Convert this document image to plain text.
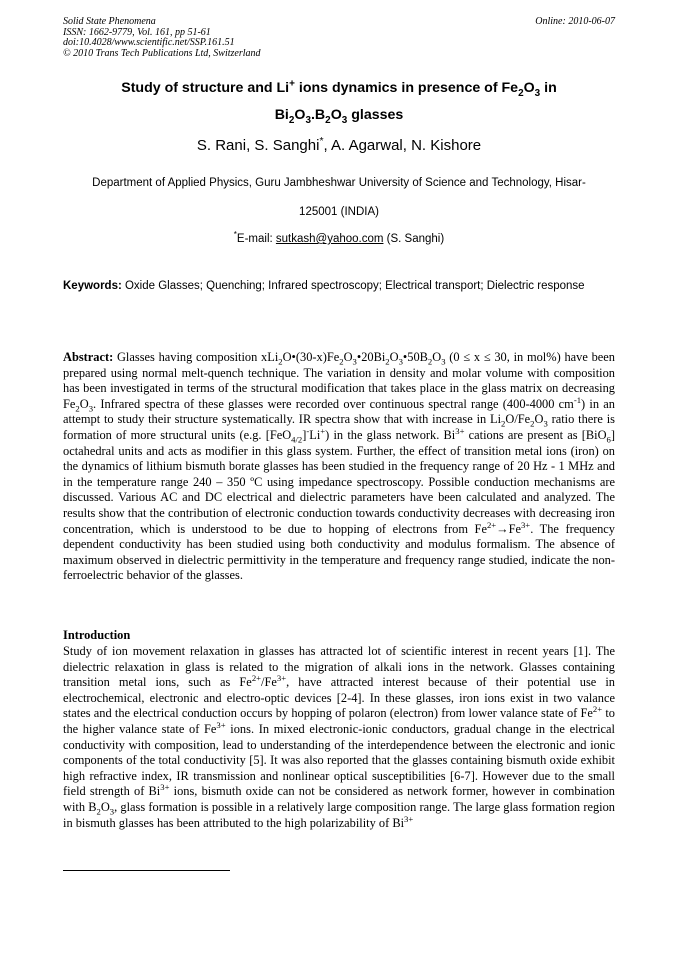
Solid State Phenomena
ISSN: 1662-9779, Vol. 161, pp 51-61
doi:10.4028/www.scientific.net/SSP.161.51
© 2010 Trans Tech Publications Ltd, Switzerland
Online: 2010-06-07
Study of structure and Li+ ions dynamics in presence of $Fe_2O_3$ in
$Bi_2O_3.B_2O_3$ glasses
S. Rani, S. Sanghi*, A. Agarwal, N. Kishore
Department of Applied Physics, Guru Jambheshwar University of Science and Technology, Hisar-
125001 (INDIA)
*E-mail: sutkash@yahoo.com (S. Sanghi)
Keywords: Oxide Glasses; Quenching; Infrared spectroscopy; Electrical transport; Dielectric response
Abstract: Glasses having composition $xLi_2O•(30-x)Fe_2O_3•20Bi_2O_3•50B_2O_3$ (0 ≤ x ≤ 30, in mol%) have been prepared using normal melt-quench technique. The variation in density and molar volume with composition has been investigated in terms of the structural modification that takes place in the glass matrix on decreasing $Fe_2O_3$. Infrared spectra of these glasses were recorded over continuous spectral range (400-4000 $cm^{-1}$) in an attempt to study their structure systematically. IR spectra show that with increase in $Li_2O/Fe_2O_3$ ratio there is formation of more structural units (e.g. [FeO$_{4/2}$]-Li+) in the glass network. $Bi^{3+}$ cations are present as [BiO$_6$] octahedral units and acts as modifier in this glass system. Further, the effect of transition metal ions (iron) on the dynamics of lithium bismuth borate glasses has been studied in the frequency range of 20 Hz - 1 MHz and in the temperature range 240 – 350 ºC using impedance spectroscopy. Possible conduction mechanisms are discussed. Various AC and DC electrical and dielectric parameters have been calculated and analyzed. The results show that the contribution of electronic conduction towards conductivity decreases with decreasing iron concentration, which is understood to be due to hopping of electrons from $Fe^{2+}\to Fe^{3+}$. The frequency dependent conductivity has been studied using both conductivity and modulus formalism. The absence of maximum observed in dielectric permittivity in the temperature and frequency range studied, indicate the non-ferroelectric behavior of the glasses.
Introduction
Study of ion movement relaxation in glasses has attracted lot of scientific interest in recent years [1]. The dielectric relaxation in glass is related to the migration of alkali ions in the network. Glasses containing transition metal ions, such as $Fe^{2+}/Fe^{3+}$, have attracted interest because of their potential use in electrochemical, electronic and electro-optic devices [2-4]. In these glasses, iron ions exist in two valance states and the electrical conduction occurs by hopping of polaron (electron) from lower valance state of $Fe^{2+}$ to the higher valance state of $Fe^{3+}$ ions. In mixed electronic-ionic conductors, gradual change in the electrical conductivity with composition, lead to understanding of the interdependence between the electronic and ionic components of the total conductivity [5]. It was also reported that the glasses containing bismuth oxide exhibit high refractive index, IR transmission and nonlinear optical susceptibilities [6-7]. However due to the small field strength of $Bi^{3+}$ ions, bismuth oxide can not be considered as network former, however in combination with $B_2O_3$, glass formation is possible in a relatively large composition range. The large glass formation region in bismuth glasses has been attributed to the high polarizability of $Bi^{3+}$
